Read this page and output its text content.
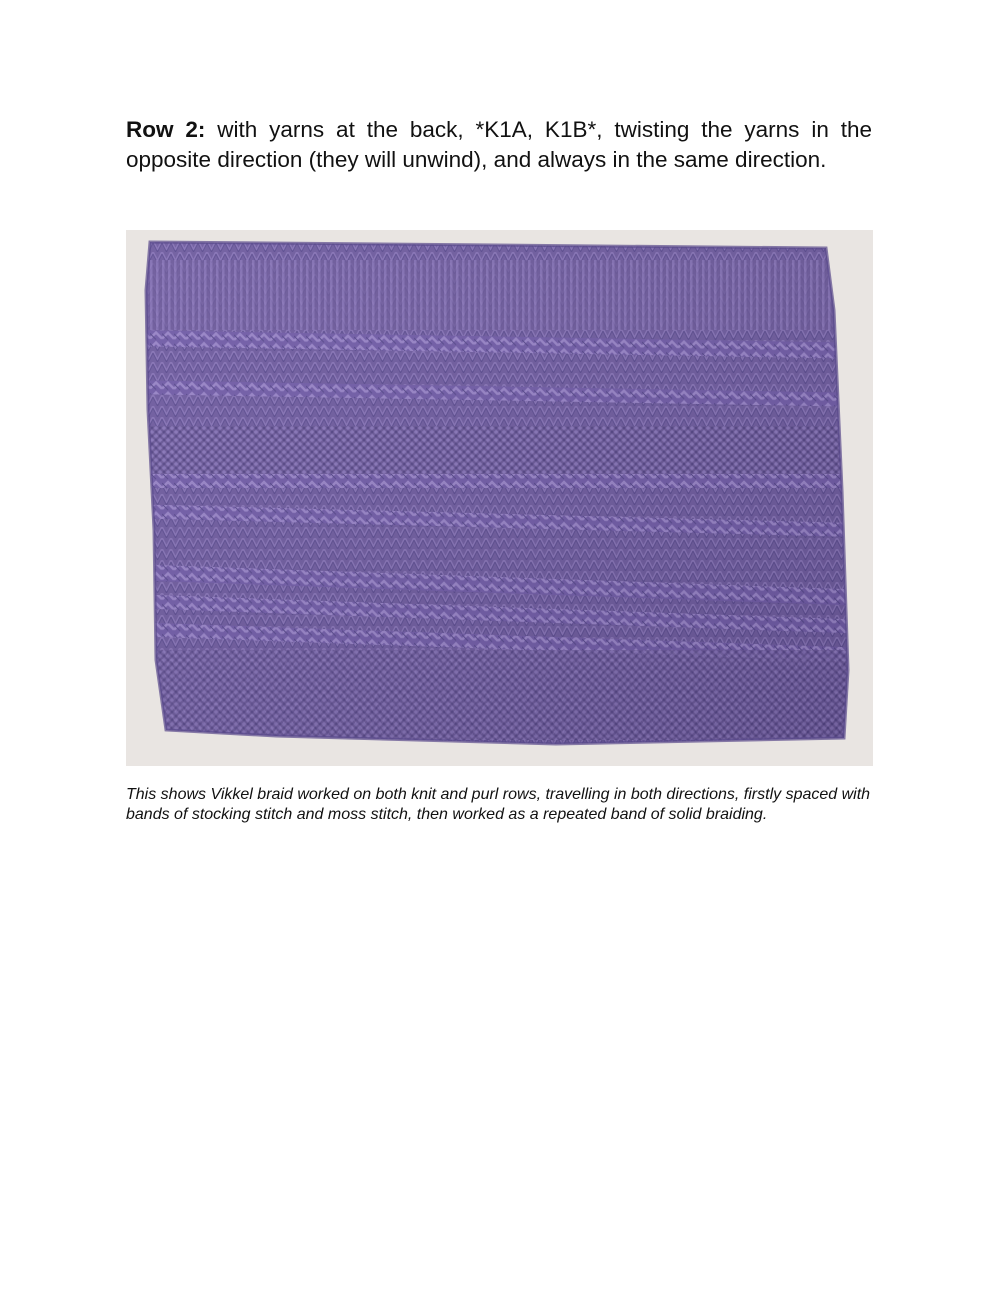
Row 2: with yarns at the back, *K1A, K1B*, twisting the yarns in the opposite direction (they will unwind), and always in the same direction.

This shows Vikkel braid worked on both knit and purl rows, travelling in both directions, firstly spaced with bands of stocking stitch and moss stitch, then worked as a repeated band of solid braiding.
